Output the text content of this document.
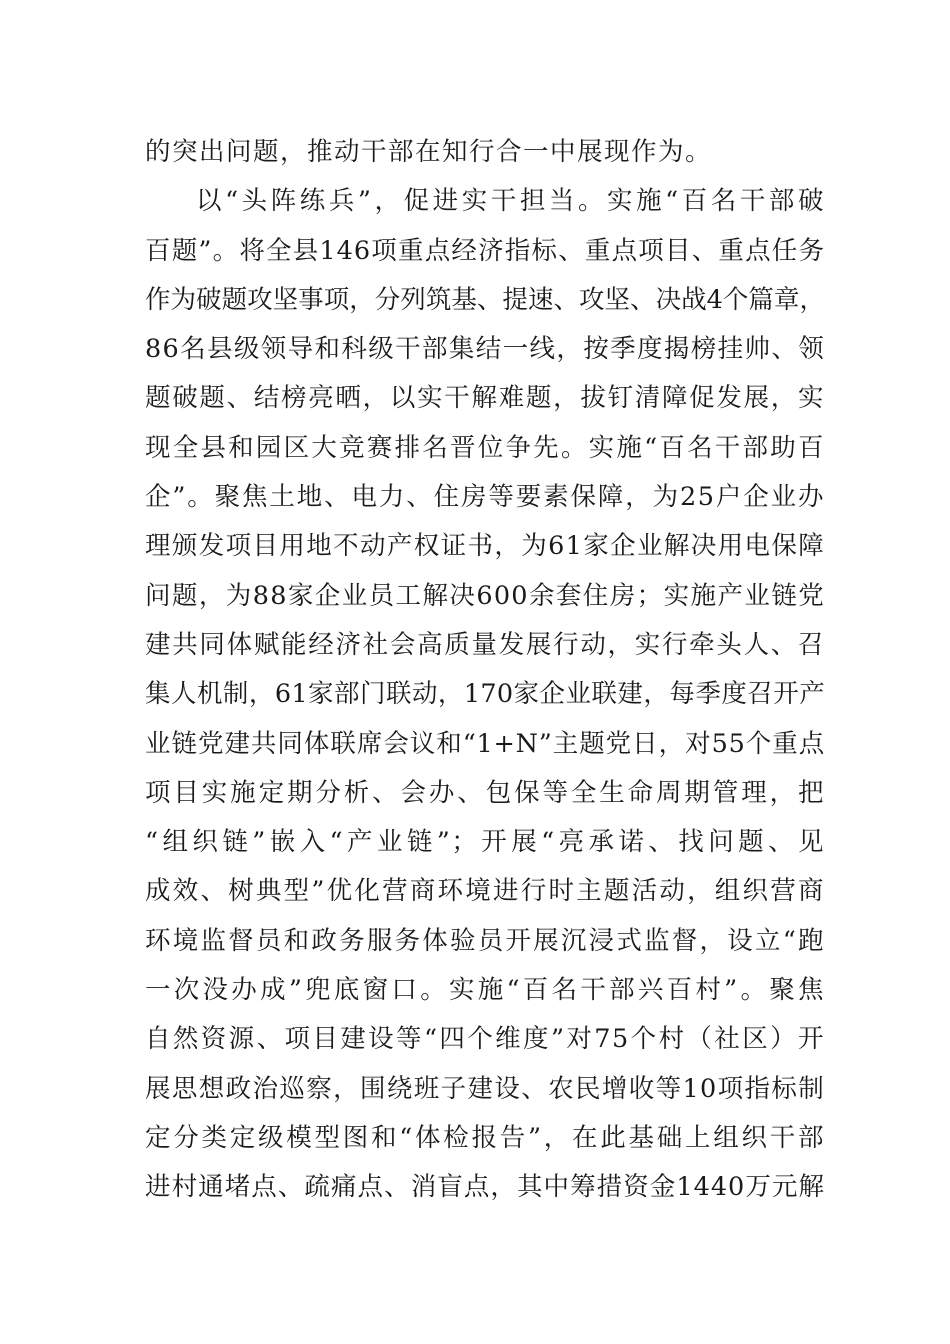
的突出问题，推动干部在知行合一中展现作为。
以“头阵练兵”，促进实干担当。实施“百名干部破
百题”。将全县146项重点经济指标、重点项目、重点任务
作为破题攻坚事项，分列筑基、提速、攻坚、决战4个篇章，
86名县级领导和科级干部集结一线，按季度揭榜挂帅、领
题破题、结榜亮晒，以实干解难题，拔钉清障促发展，实
现全县和园区大竞赛排名晋位争先。实施“百名干部助百
企”。聚焦土地、电力、住房等要素保障，为25户企业办
理颁发项目用地不动产权证书，为61家企业解决用电保障
问题，为88家企业员工解决600余套住房；实施产业链党
建共同体赋能经济社会高质量发展行动，实行牵头人、召
集人机制，61家部门联动，170家企业联建，每季度召开产
业链党建共同体联席会议和“1+N”主题党日，对55个重点
项目实施定期分析、会办、包保等全生命周期管理，把
“组织链”嵌入“产业链”；开展“亮承诺、找问题、见
成效、树典型”优化营商环境进行时主题活动，组织营商
环境监督员和政务服务体验员开展沉浸式监督，设立“跑
一次没办成”兜底窗口。实施“百名干部兴百村”。聚焦
自然资源、项目建设等“四个维度”对75个村（社区）开
展思想政治巡察，围绕班子建设、农民增收等10项指标制
定分类定级模型图和“体检报告”，在此基础上组织干部
进村通堵点、疏痛点、消盲点，其中筹措资金1440万元解
